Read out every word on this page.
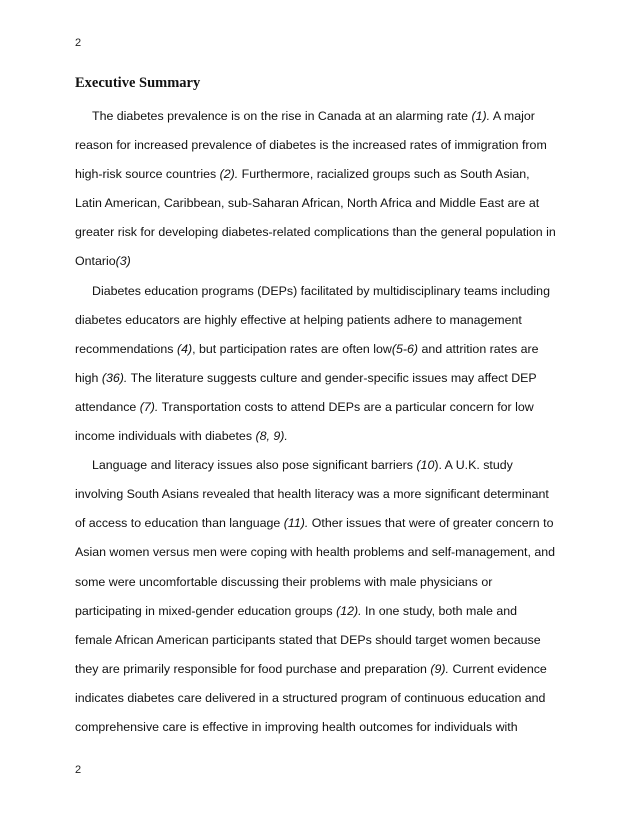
2
Executive Summary

The diabetes prevalence is on the rise in Canada at an alarming rate (1). A major
reason for increased prevalence of diabetes is the increased rates of immigration from
high-risk source countries (2). Furthermore, racialized groups such as South Asian,
Latin American, Caribbean, sub-Saharan African, North Africa and Middle East are at
greater risk for developing diabetes-related complications than the general population in
Ontario(3)

Diabetes education programs (DEPs) facilitated by multidisciplinary teams including
diabetes educators are highly effective at helping patients adhere to management
recommendations (4), but participation rates are often low(5-6) and attrition rates are
high (36). The literature suggests culture and gender-specific issues may affect DEP
attendance (7). Transportation costs to attend DEPs are a particular concern for low
income individuals with diabetes (8, 9).

Language and literacy issues also pose significant barriers (10). A U.K. study
involving South Asians revealed that health literacy was a more significant determinant
of access to education than language (11). Other issues that were of greater concern to
Asian women versus men were coping with health problems and self-management, and
some were uncomfortable discussing their problems with male physicians or
participating in mixed-gender education groups (12). In one study, both male and
female African American participants stated that DEPs should target women because
they are primarily responsible for food purchase and preparation (9). Current evidence
indicates diabetes care delivered in a structured program of continuous education and
comprehensive care is effective in improving health outcomes for individuals with

2
